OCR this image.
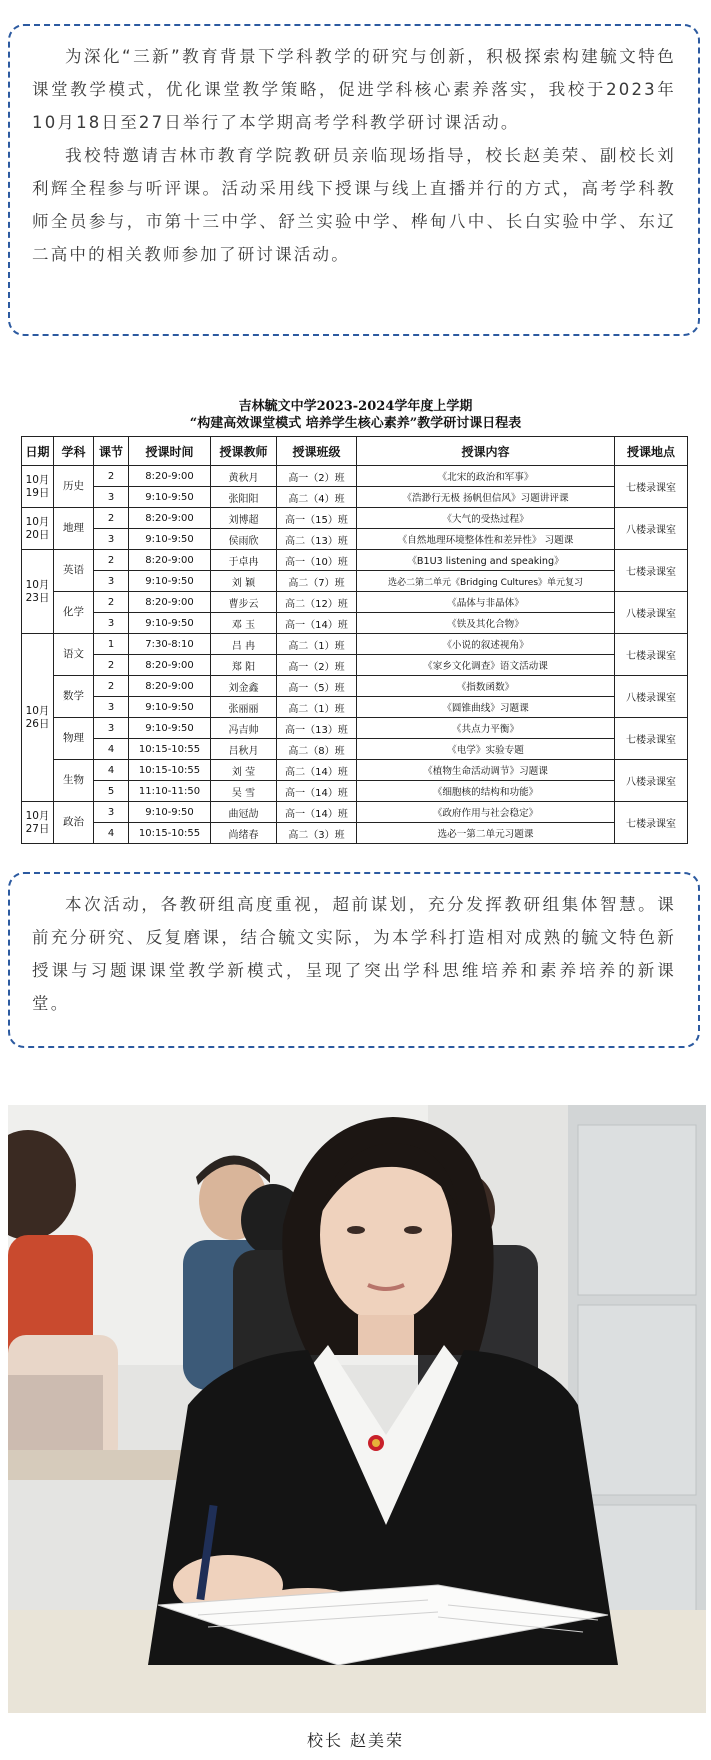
为深化“三新”教育背景下学科教学的研究与创新，积极探索构建毓文特色课堂教学模式，优化课堂教学策略，促进学科核心素养落实，我校于2023年10月18日至27日举行了本学期高考学科教学研讨课活动。

我校特邀请吉林市教育学院教研员亲临现场指导，校长赵美荣、副校长刘利辉全程参与听评课。活动采用线下授课与线上直播并行的方式，高考学科教师全员参与，市第十三中学、舒兰实验中学、桦甸八中、长白实验中学、东辽二高中的相关教师参加了研讨课活动。

吉林毓文中学2023-2024学年度上学期
“构建高效课堂模式 培养学生核心素养”教学研讨课日程表
日期	学科	课节	授课时间	授课教师	授课班级	授课内容	授课地点
10月19日	历史	2	8:20-9:00	黄秋月	高一（2）班	《北宋的政治和军事》	七楼录课室
		3	9:10-9:50	张阳阳	高二（4）班	《浩渺行无极 扬帆但信风》习题讲评课	
10月20日	地理	2	8:20-9:00	刘博超	高一（15）班	《大气的受热过程》	八楼录课室
		3	9:10-9:50	侯雨欣	高二（13）班	《自然地理环境整体性和差异性》 习题课	
10月23日	英语	2	8:20-9:00	于卓冉	高一（10）班	《B1U3 listening and speaking》	七楼录课室
		3	9:10-9:50	刘 颖	高二（7）班	选必二第二单元《Bridging Cultures》单元复习	
	化学	2	8:20-9:00	曹步云	高二（12）班	《晶体与非晶体》	八楼录课室
		3	9:10-9:50	邓 玉	高一（14）班	《铁及其化合物》	
10月26日	语文	1	7:30-8:10	吕 冉	高二（1）班	《小说的叙述视角》	七楼录课室
		2	8:20-9:00	郑 阳	高一（2）班	《家乡文化调查》语文活动课	
	数学	2	8:20-9:00	刘金鑫	高一（5）班	《指数函数》	八楼录课室
		3	9:10-9:50	张丽丽	高二（1）班	《圆锥曲线》习题课	
	物理	3	9:10-9:50	冯吉帅	高一（13）班	《共点力平衡》	七楼录课室
		4	10:15-10:55	吕秋月	高二（8）班	《电学》实验专题	
	生物	4	10:15-10:55	刘 莹	高二（14）班	《植物生命活动调节》习题课	八楼录课室
		5	11:10-11:50	吴 雪	高一（14）班	《细胞核的结构和功能》	
10月27日	政治	3	9:10-9:50	曲冠劼	高一（14）班	《政府作用与社会稳定》	七楼录课室
		4	10:15-10:55	尚绪春	高二（3）班	选必一第二单元习题课	

本次活动，各教研组高度重视，超前谋划，充分发挥教研组集体智慧。课前充分研究、反复磨课，结合毓文实际，为本学科打造相对成熟的毓文特色新授课与习题课课堂教学新模式，呈现了突出学科思维培养和素养培养的新课堂。

校长 赵美荣
